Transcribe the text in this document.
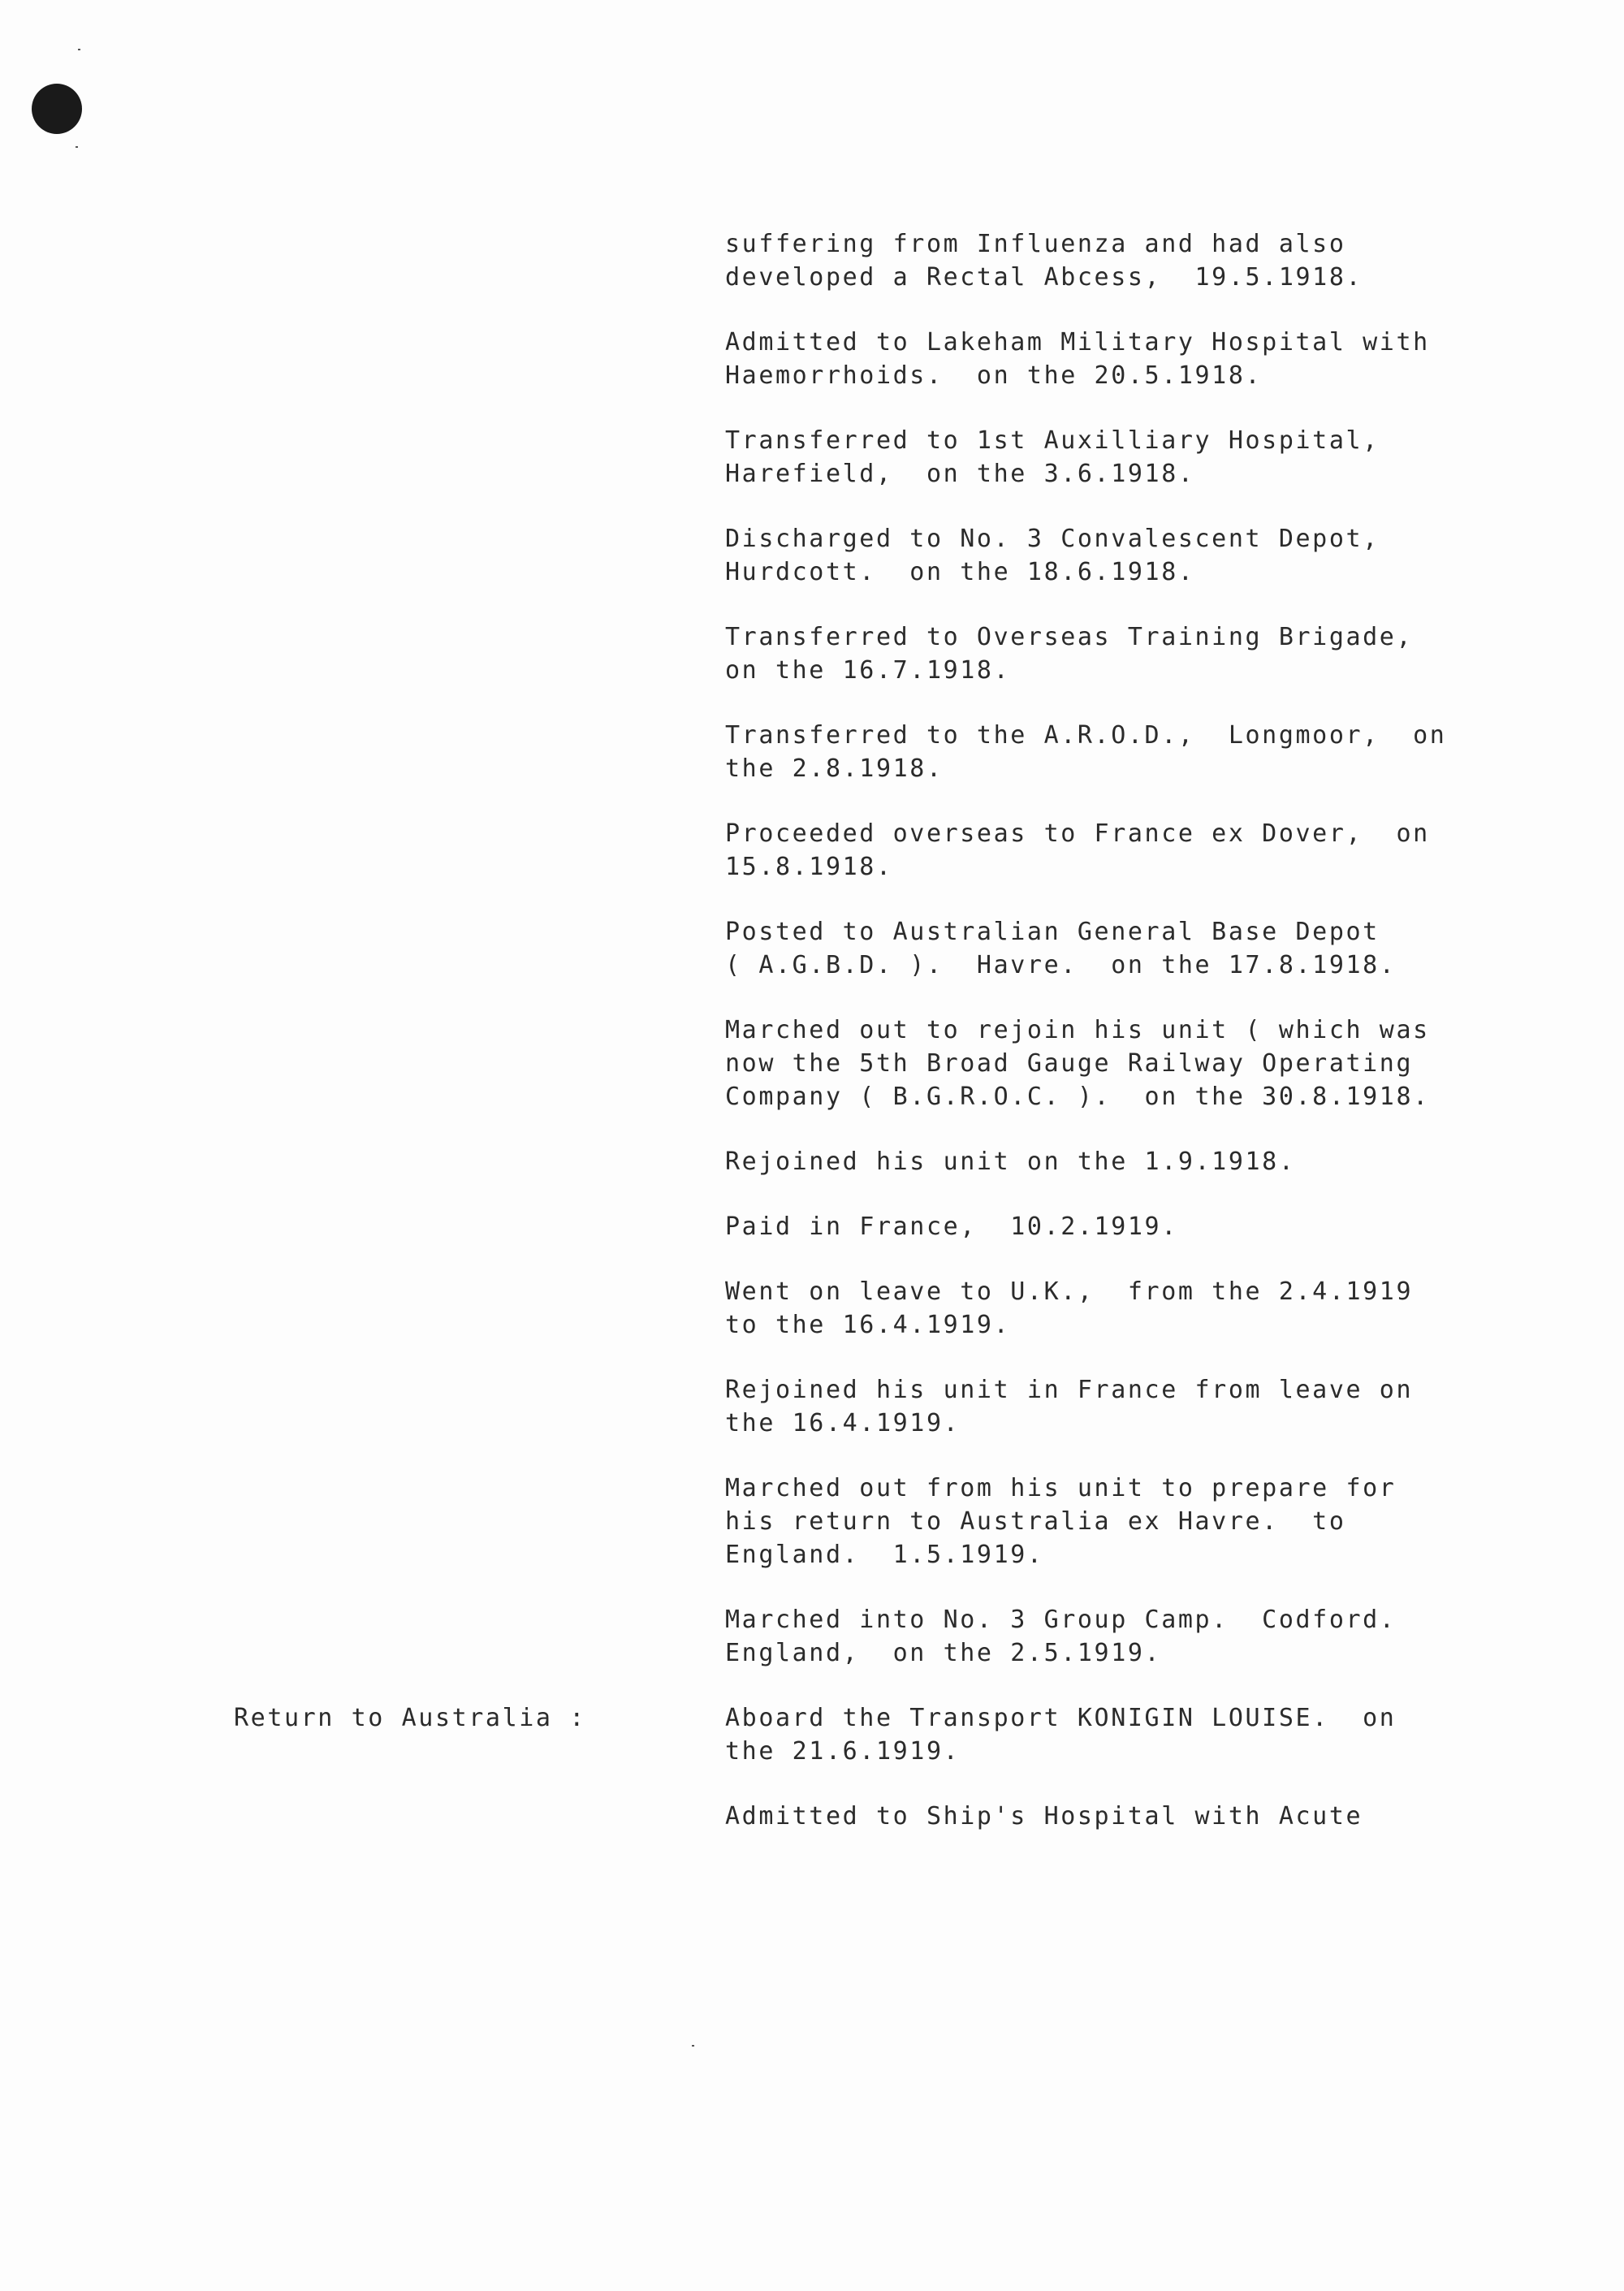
suffering from Influenza and had also
developed a Rectal Abcess,  19.5.1918.
Admitted to Lakeham Military Hospital with
Haemorrhoids.  on the 20.5.1918.
Transferred to 1st Auxilliary Hospital,
Harefield,  on the 3.6.1918.
Discharged to No. 3 Convalescent Depot,
Hurdcott.  on the 18.6.1918.
Transferred to Overseas Training Brigade,
on the 16.7.1918.
Transferred to the A.R.O.D.,  Longmoor,  on
the 2.8.1918.
Proceeded overseas to France ex Dover,  on
15.8.1918.
Posted to Australian General Base Depot
( A.G.B.D. ).  Havre.  on the 17.8.1918.
Marched out to rejoin his unit ( which was
now the 5th Broad Gauge Railway Operating
Company ( B.G.R.O.C. ).  on the 30.8.1918.
Rejoined his unit on the 1.9.1918.
Paid in France,  10.2.1919.
Went on leave to U.K.,  from the 2.4.1919
to the 16.4.1919.
Rejoined his unit in France from leave on
the 16.4.1919.
Marched out from his unit to prepare for
his return to Australia ex Havre.  to
England.  1.5.1919.
Marched into No. 3 Group Camp.  Codford.
England,  on the 2.5.1919.
Aboard the Transport KONIGIN LOUISE.  on
the 21.6.1919.
Admitted to Ship's Hospital with Acute
Return to Australia :
